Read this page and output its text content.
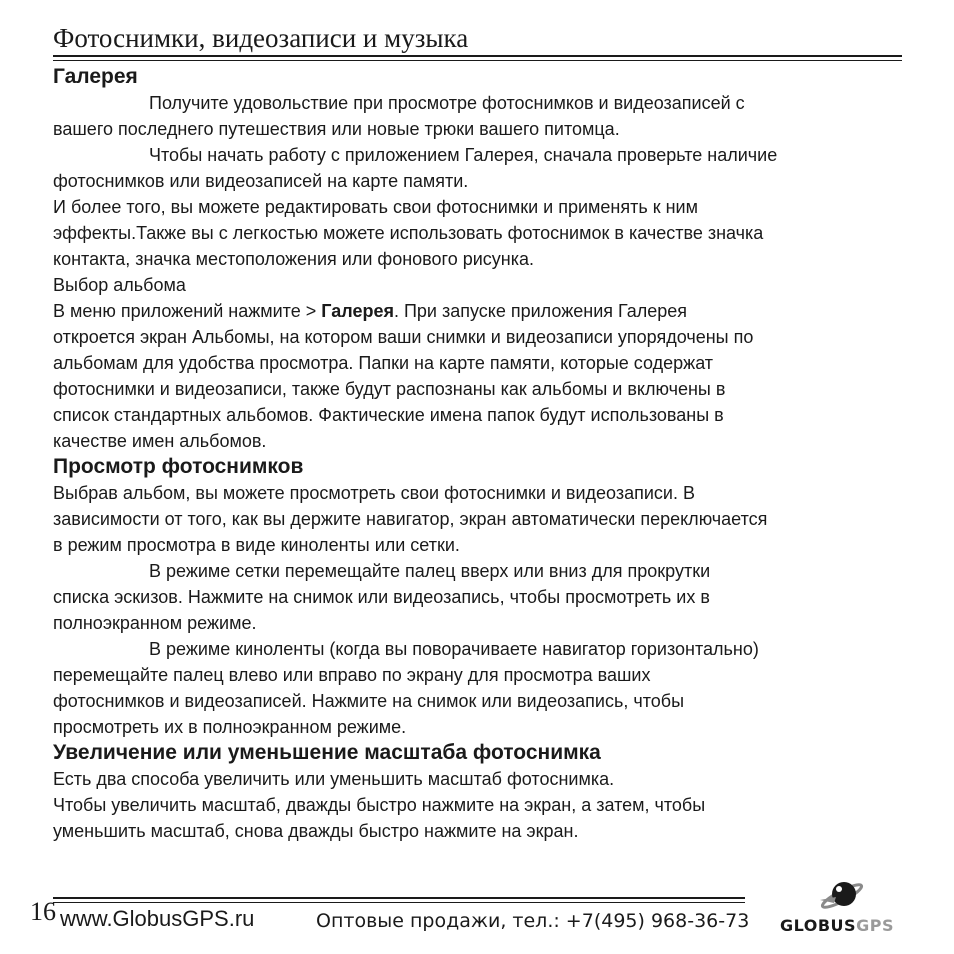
Фотоснимки, видеозаписи и музыка
Галерея

Получите удовольствие при просмотре фотоснимков и видеозаписей с

вашего последнего путешествия или новые трюки вашего питомца.

Чтобы начать работу с приложением Галерея, сначала проверьте наличие

фотоснимков или видеозаписей на карте памяти.

И более того, вы можете редактировать свои фотоснимки и применять к ним

эффекты.Также вы с легкостью можете использовать фотоснимок в качестве значка

контакта, значка местоположения или фонового рисунка.

Выбор альбома

В меню приложений нажмите > Галерея. При запуске приложения Галерея

откроется экран Альбомы, на котором ваши снимки и видеозаписи упорядочены по

альбомам для удобства просмотра. Папки на карте памяти, которые содержат

фотоснимки и видеозаписи, также будут распознаны как альбомы и включены в

список стандартных альбомов. Фактические имена папок будут использованы в

качестве имен альбомов.

Просмотр фотоснимков

Выбрав альбом, вы можете просмотреть свои фотоснимки и видеозаписи. В

зависимости от того, как вы держите навигатор, экран автоматически переключается

в режим просмотра в виде киноленты или сетки.

В режиме сетки перемещайте палец вверх или вниз для прокрутки

списка эскизов. Нажмите на снимок или видеозапись, чтобы просмотреть их в

полноэкранном режиме.

В режиме киноленты (когда вы поворачиваете навигатор горизонтально)

перемещайте палец влево или вправо по экрану для просмотра ваших

фотоснимков и видеозаписей. Нажмите на снимок или видеозапись, чтобы

просмотреть их в полноэкранном режиме.

Увеличение или уменьшение масштаба фотоснимка

Есть два способа увеличить или уменьшить масштаб фотоснимка.

Чтобы увеличить масштаб, дважды быстро нажмите на экран, а затем, чтобы

уменьшить масштаб, снова дважды быстро нажмите на экран.

16 www.GlobusGPS.ru	Оптовые продажи, тел.: +7(495) 968-36-73 GLOBUSGPS
